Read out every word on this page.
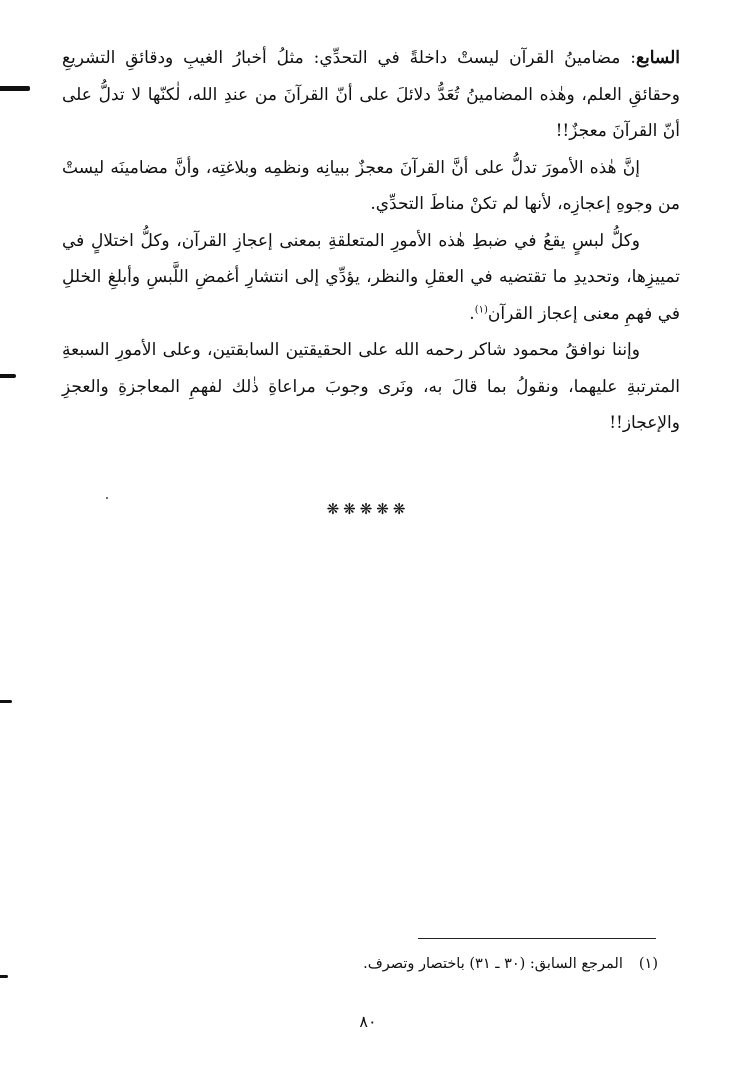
السابع: مضامينُ القرآن ليستْ داخلةً في التحدِّي: مثلُ أخبارُ الغيبِ ودقائقِ التشريعِ وحقائقِ العلم، وهٰذه المضامينُ تُعَدُّ دلائلَ على أنّ القرآنَ من عندِ الله، لٰكنّها لا تدلُّ على أنّ القرآنَ معجزٌ!!

إنَّ هٰذه الأمورَ تدلُّ على أنَّ القرآنَ معجزٌ ببيانِه ونظمِه وبلاغتِه، وأنَّ مضامينَه ليستْ من وجوهِ إعجازِه، لأنها لم تكنْ مناطَ التحدِّي.

وكلُّ لبسٍ يقعُ في ضبطِ هٰذه الأمورِ المتعلقةِ بمعنى إعجازِ القرآن، وكلُّ اختلالٍ في تمييزِها، وتحديدِ ما تقتضيه في العقلِ والنظر، يؤدِّي إلى انتشارِ أغمضِ اللَّبسِ وأبلغِ الخللِ في فهمِ معنى إعجاز القرآن$^{(١)}$.

وإننا نوافقُ محمود شاكر رحمه الله على الحقيقتين السابقتين، وعلى الأمورِ السبعةِ المترتبةِ عليهما، ونقولُ بما قالَ به، ونَرى وجوبَ مراعاةِ ذٰلك لفهمِ المعاجزةِ والعجزِ والإعجاز!!

❋❋❋❋❋
(١)المرجع السابق: (٣٠ ـ ٣١) باختصار وتصرف.
٨٠
